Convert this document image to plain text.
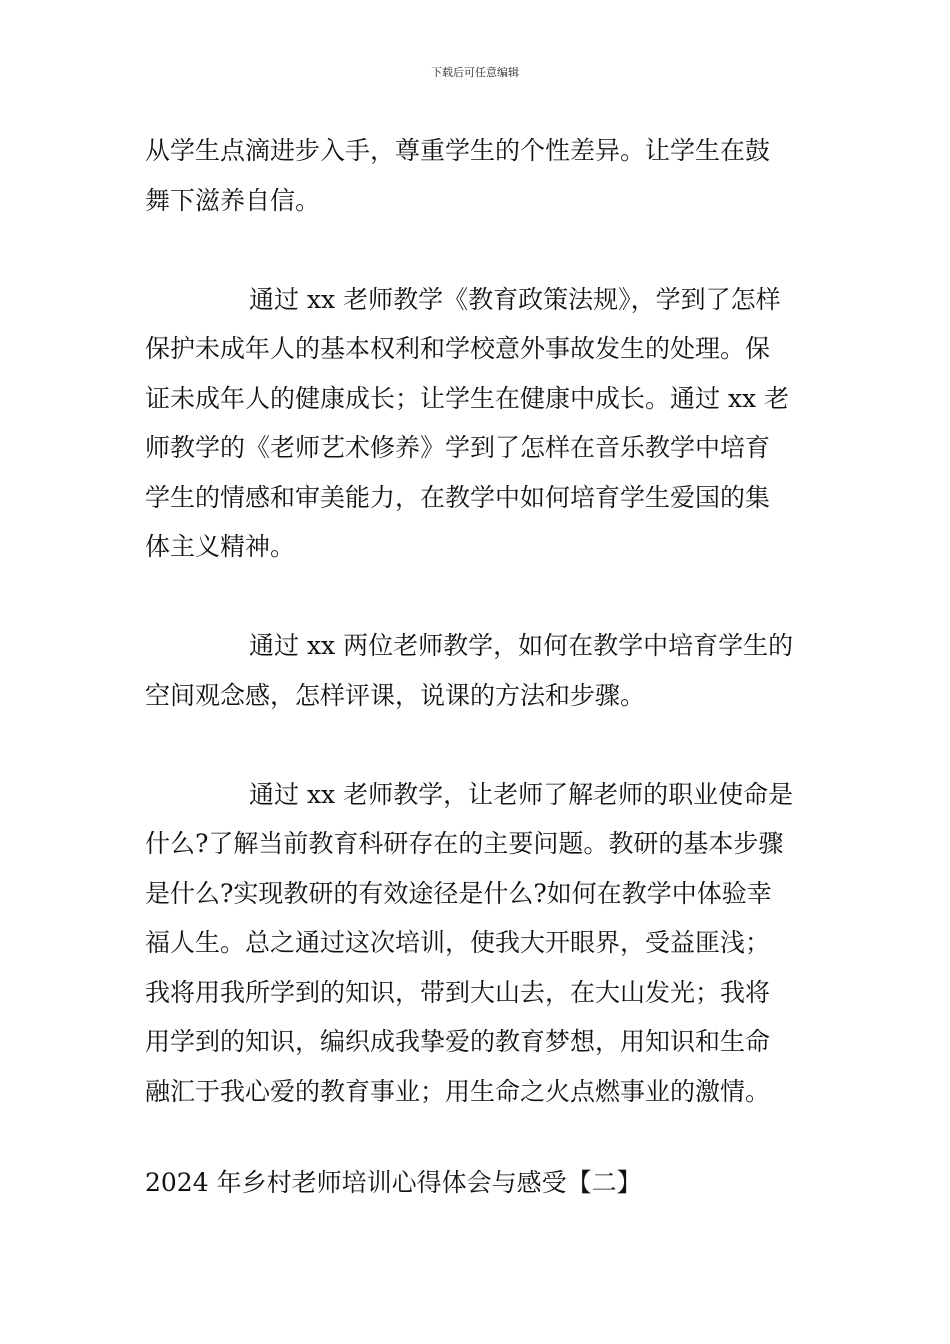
下载后可任意编辑
从学生点滴进步入手，尊重学生的个性差异。让学生在鼓
舞下滋养自信。
通过 xx 老师教学《教育政策法规》，学到了怎样
保护未成年人的基本权利和学校意外事故发生的处理。保
证未成年人的健康成长；让学生在健康中成长。通过 xx 老
师教学的《老师艺术修养》学到了怎样在音乐教学中培育
学生的情感和审美能力，在教学中如何培育学生爱国的集
体主义精神。
通过 xx 两位老师教学，如何在教学中培育学生的
空间观念感，怎样评课，说课的方法和步骤。
通过 xx 老师教学，让老师了解老师的职业使命是
什么?了解当前教育科研存在的主要问题。教研的基本步骤
是什么?实现教研的有效途径是什么?如何在教学中体验幸
福人生。总之通过这次培训，使我大开眼界，受益匪浅；
我将用我所学到的知识，带到大山去，在大山发光；我将
用学到的知识，编织成我挚爱的教育梦想，用知识和生命
融汇于我心爱的教育事业；用生命之火点燃事业的激情。
2024 年乡村老师培训心得体会与感受【二】
